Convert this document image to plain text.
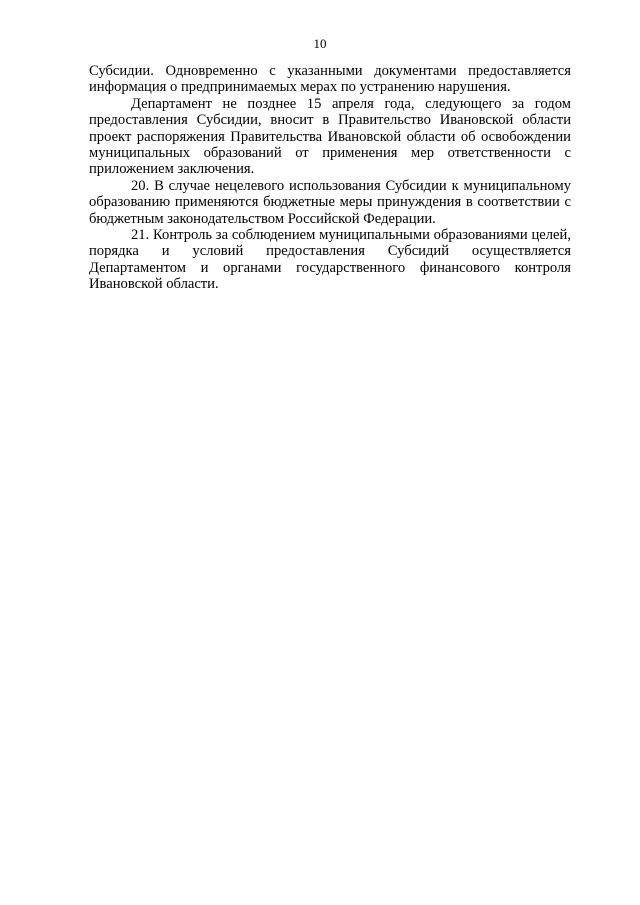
10

Субсидии. Одновременно с указанными документами предоставляется информация о предпринимаемых мерах по устранению нарушения.

Департамент не позднее 15 апреля года, следующего за годом предоставления Субсидии, вносит в Правительство Ивановской области проект распоряжения Правительства Ивановской области об освобождении муниципальных образований от применения мер ответственности с приложением заключения.

20. В случае нецелевого использования Субсидии к муниципальному образованию применяются бюджетные меры принуждения в соответствии с бюджетным законодательством Российской Федерации.

21. Контроль за соблюдением муниципальными образованиями целей, порядка и условий предоставления Субсидий осуществляется Департаментом и органами государственного финансового контроля Ивановской области.
